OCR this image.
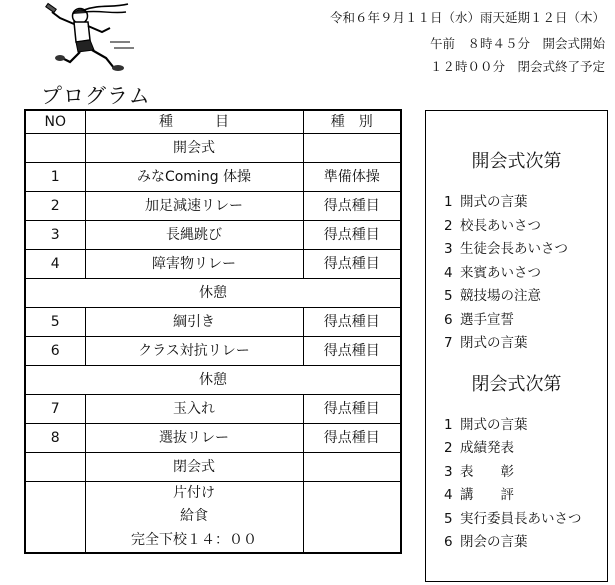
令和６年９月１１日（水）雨天延期１２日（木）
午前　８時４５分　開会式開始
１２時００分　閉会式終了予定
プログラム
NO	種　　　目	種　別
	開会式	
1	みなComing 体操	準備体操
2	加足減速リレー	得点種目
3	長縄跳び	得点種目
4	障害物リレー	得点種目
休憩		
5	綱引き	得点種目
6	クラス対抗リレー	得点種目
休憩		
7	玉入れ	得点種目
8	選抜リレー	得点種目
	閉会式	

	片付け
給食
完全下校１４：００	

開会式次第
1 開式の言葉
2 校長あいさつ
3 生徒会長あいさつ
4 来賓あいさつ
5 競技場の注意
6 選手宣誓
7 閉式の言葉
閉会式次第
1 開式の言葉
2 成績発表
3 表　　彰
4 講　　評
5 実行委員長あいさつ
6 閉会の言葉
